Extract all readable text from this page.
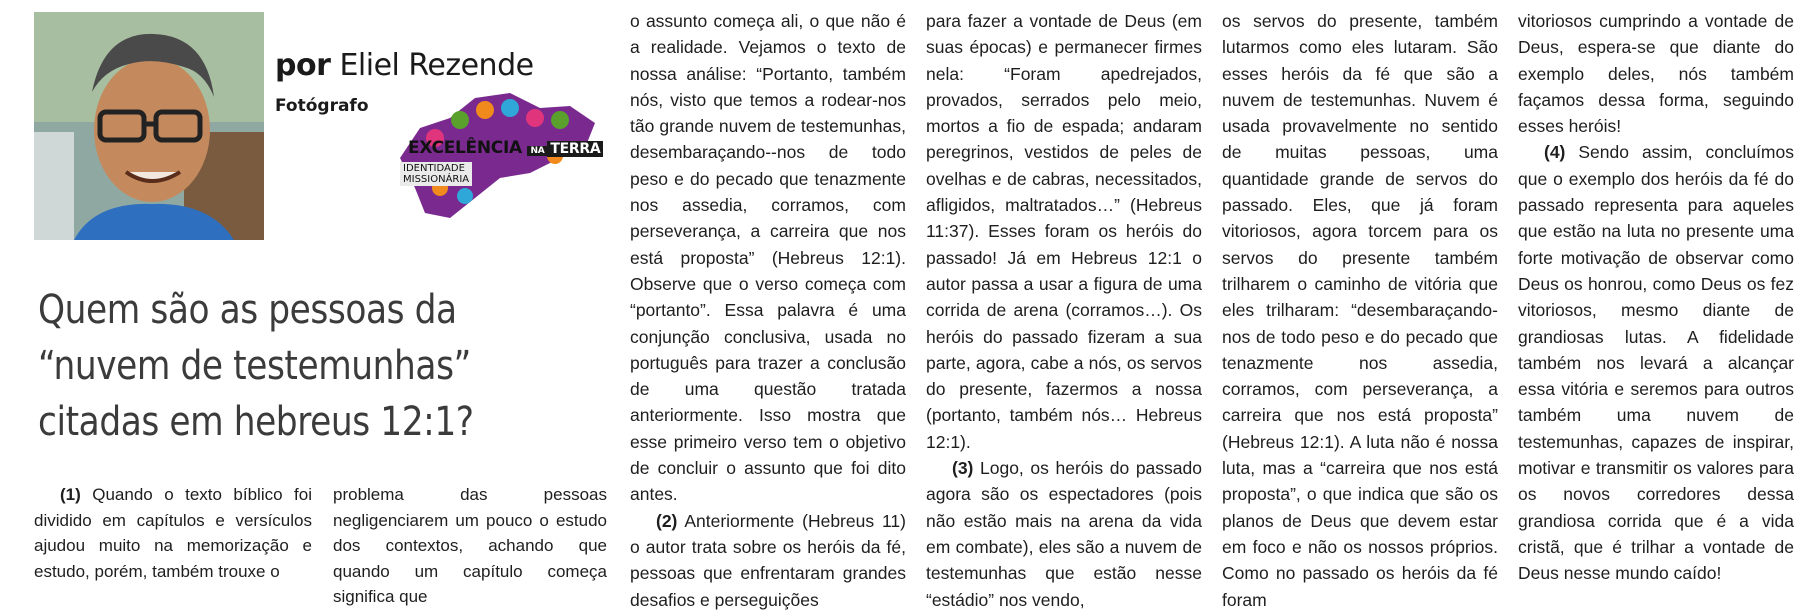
por Eliel Rezende
Fotógrafo
EXCELÊNCIA NA TERRA
IDENTIDADE
MISSIONÁRIA
Quem são as pessoas da
“nuvem de testemunhas”
citadas em hebreus 12:1?

(1) Quando o texto bíblico foi dividido em capítulos e versículos ajudou muito na memorização e estudo, porém, também trouxe o

problema das pessoas negligenciarem um pouco o estudo dos contextos, achando que quando um capítulo começa significa que

o assunto começa ali, o que não é a realidade. Vejamos o texto de nossa análise: “Portanto, também nós, visto que temos a rodear-nos tão grande nuvem de testemunhas, desembaraçando--nos de todo peso e do pecado que tenazmente nos assedia, corramos, com perseverança, a carreira que nos está proposta” (Hebreus 12:1). Observe que o verso começa com “portanto”. Essa palavra é uma conjunção conclusiva, usada no português para trazer a conclusão de uma questão tratada anteriormente. Isso mostra que esse primeiro verso tem o objetivo de concluir o assunto que foi dito antes.

(2) Anteriormente (Hebreus 11) o autor trata sobre os heróis da fé, pessoas que enfrentaram grandes desafios e perseguições

para fazer a vontade de Deus (em suas épocas) e permanecer firmes nela: “Foram apedrejados, provados, serrados pelo meio, mortos a fio de espada; andaram peregrinos, vestidos de peles de ovelhas e de cabras, necessitados, afligidos, maltratados…” (Hebreus 11:37). Esses foram os heróis do passado! Já em Hebreus 12:1 o autor passa a usar a figura de uma corrida de arena (corramos…). Os heróis do passado fizeram a sua parte, agora, cabe a nós, os servos do presente, fazermos a nossa (portanto, também nós… Hebreus 12:1).

(3) Logo, os heróis do passado agora são os espectadores (pois não estão mais na arena da vida em combate), eles são a nuvem de testemunhas que estão nesse “estádio” nos vendo,

os servos do presente, também lutarmos como eles lutaram. São esses heróis da fé que são a nuvem de testemunhas. Nuvem é usada provavelmente no sentido de muitas pessoas, uma quantidade grande de servos do passado. Eles, que já foram vitoriosos, agora torcem para os servos do presente também trilharem o caminho de vitória que eles trilharam: “desembaraçando-nos de todo peso e do pecado que tenazmente nos assedia, corramos, com perseverança, a carreira que nos está proposta” (Hebreus 12:1). A luta não é nossa luta, mas a “carreira que nos está proposta”, o que indica que são os planos de Deus que devem estar em foco e não os nossos próprios. Como no passado os heróis da fé foram

vitoriosos cumprindo a vontade de Deus, espera-se que diante do exemplo deles, nós também façamos dessa forma, seguindo esses heróis!

(4) Sendo assim, concluímos que o exemplo dos heróis da fé do passado representa para aqueles que estão na luta no presente uma forte motivação de observar como Deus os honrou, como Deus os fez vitoriosos, mesmo diante de grandiosas lutas. A fidelidade também nos levará a alcançar essa vitória e seremos para outros também uma nuvem de testemunhas, capazes de inspirar, motivar e transmitir os valores para os novos corredores dessa grandiosa corrida que é a vida cristã, que é trilhar a vontade de Deus nesse mundo caído!
